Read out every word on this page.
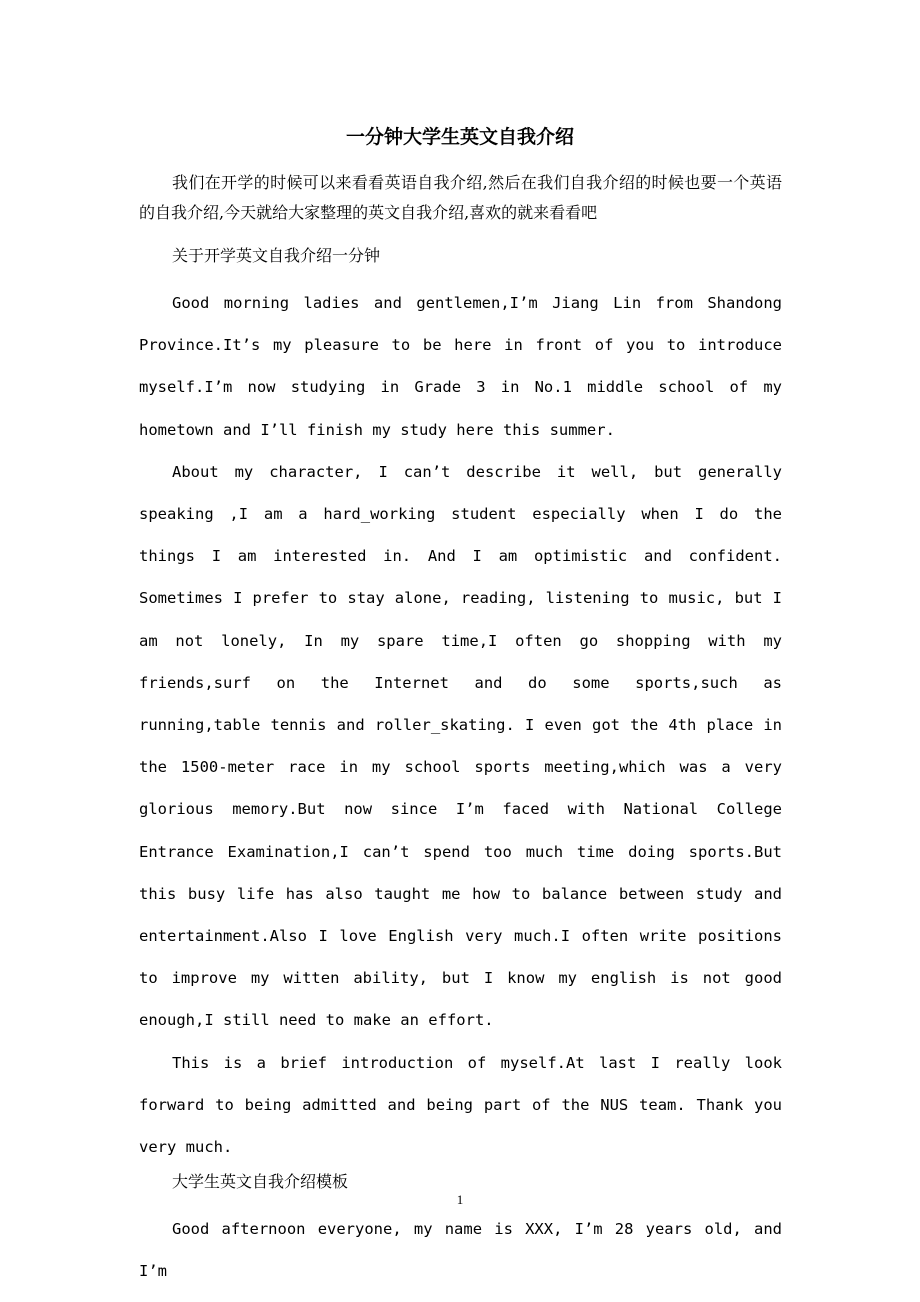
一分钟大学生英文自我介绍

我们在开学的时候可以来看看英语自我介绍,然后在我们自我介绍的时候也要一个英语的自我介绍,今天就给大家整理的英文自我介绍,喜欢的就来看看吧

关于开学英文自我介绍一分钟

Good morning ladies and gentlemen,I’m Jiang Lin from Shandong Province.It’s my pleasure to be here in front of you to introduce myself.I’m now studying in Grade 3 in No.1 middle school of my hometown and I’ll finish my study here this summer.

About my character, I can’t describe it well, but generally speaking ,I am a hard_working student especially when I do the things I am interested in. And I am optimistic and confident. Sometimes I prefer to stay alone, reading, listening to music, but I am not lonely, In my spare time,I often go shopping with my friends,surf on the Internet and do some sports,such as running,table tennis and roller_skating. I even got the 4th place in the 1500-meter race in my school sports meeting,which was a very glorious memory.But now since I’m faced with National College Entrance Examination,I can’t spend too much time doing sports.But this busy life has also taught me how to balance between study and entertainment.Also I love English very much.I often write positions to improve my witten ability, but I know my english is not good enough,I still need to make an effort.

This is a brief introduction of myself.At last I really look forward to being admitted and being part of the NUS team. Thank you very much.

大学生英文自我介绍模板

Good afternoon everyone, my name is XXX, I’m 28 years old, and I’m

1
